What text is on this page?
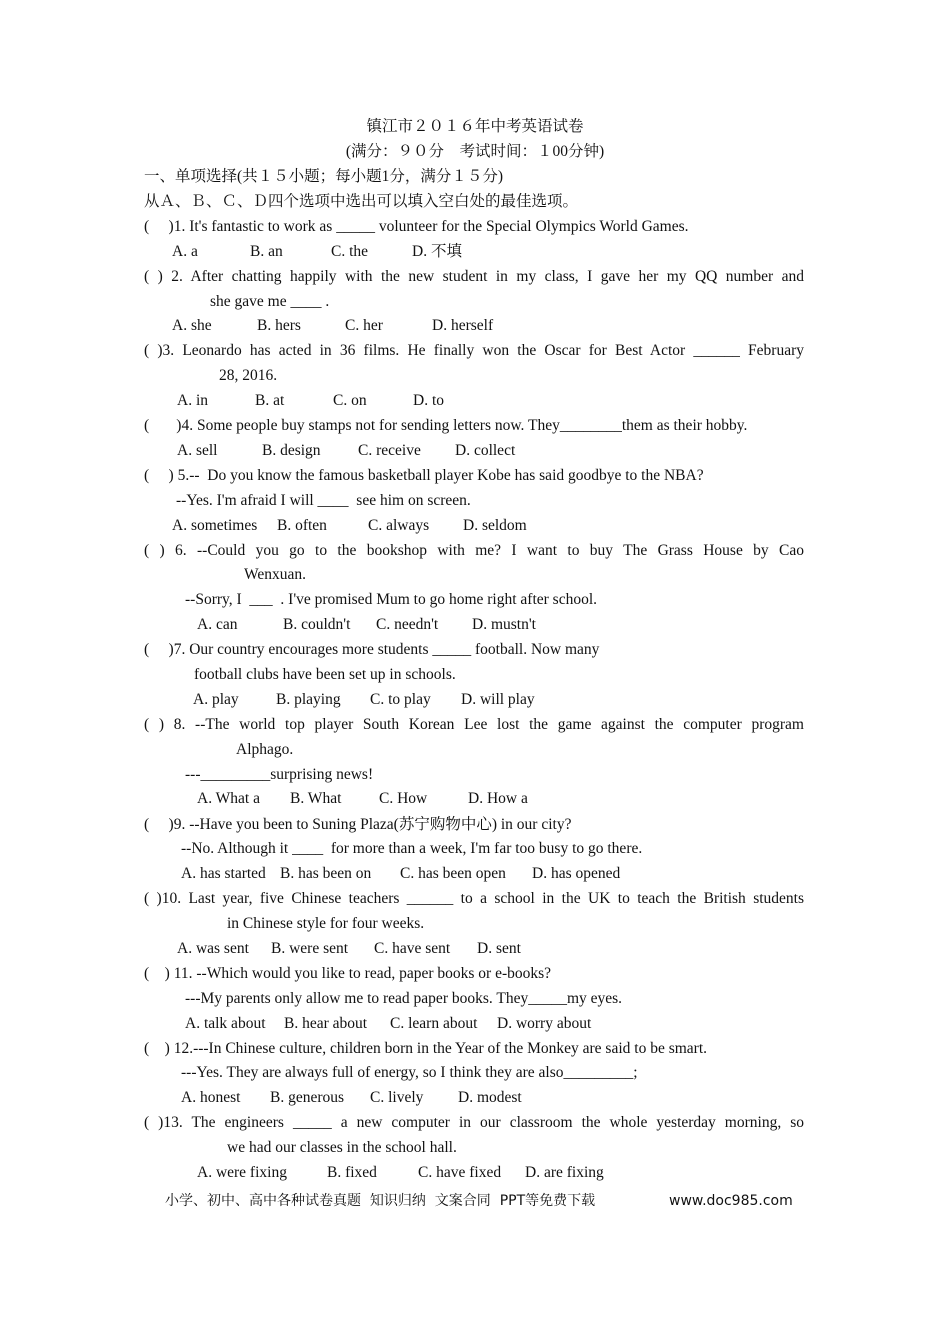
镇江市２０１６年中考英语试卷
(满分：９０分　考试时间：１00分钟)
一、单项选择(共１５小题；每小题1分，满分１５分)
从Ａ、Ｂ、Ｃ、Ｄ四个选项中选出可以填入空白处的最佳选项。
(     )1. It's fantastic to work as _____ volunteer for the Special Olympics World Games.
A. a	B. an	C. the	D. 不填
( ) 2. After chatting happily with the new student in my class, I gave her my QQ number and
she gave me ____ .
A. she	B. hers	C. her	D. herself
( )3. Leonardo has acted in 36 films. He finally won the Oscar for Best Actor ______ February
28, 2016.
A. in	B. at	C. on	D. to
(       )4. Some people buy stamps not for sending letters now. They________them as their hobby.
A. sell	B. design C. receive D. collect
(     ) 5.--  Do you know the famous basketball player Kobe has said goodbye to the NBA?
--Yes. I'm afraid I will ____  see him on screen.
A. sometimes B. often	C. always D. seldom
( ) 6. --Could you go to the bookshop with me? I want to buy The Grass House by Cao
Wenxuan.
--Sorry, I  ___  . I've promised Mum to go home right after school.
A. can	B. couldn't C. needn't D. mustn't
(     )7. Our country encourages more students _____ football. Now many
football clubs have been set up in schools.
A. play B. playing C. to play D. will play
( ) 8. --The world top player South Korean Lee lost the game against the computer program
Alphago.
---_________surprising news!
A. What a B. What C. How	D. How a
(     )9. --Have you been to Suning Plaza(苏宁购物中心) in our city?
--No. Although it ____  for more than a week, I'm far too busy to go there.
A. has started B. has been on C. has been open D. has opened
( )10. Last year, five Chinese teachers ______ to a school in the UK to teach the British students
in Chinese style for four weeks.
A. was sent B. were sent C. have sent D. sent
(    ) 11. --Which would you like to read, paper books or e-books?
---My parents only allow me to read paper books. They_____my eyes.
A. talk about B. hear about C. learn about D. worry about
(    ) 12.---In Chinese culture, children born in the Year of the Monkey are said to be smart.
---Yes. They are always full of energy, so I think they are also_________;
A. honest B. generous C. lively D. modest
( )13. The engineers _____ a new computer in our classroom the whole yesterday morning, so
we had our classes in the school hall.
A. were fixing	B. fixed	C. have fixed D. are fixing
小学、初中、高中各种试卷真题  知识归纳  文案合同  PPT等免费下载	www.doc985.com
